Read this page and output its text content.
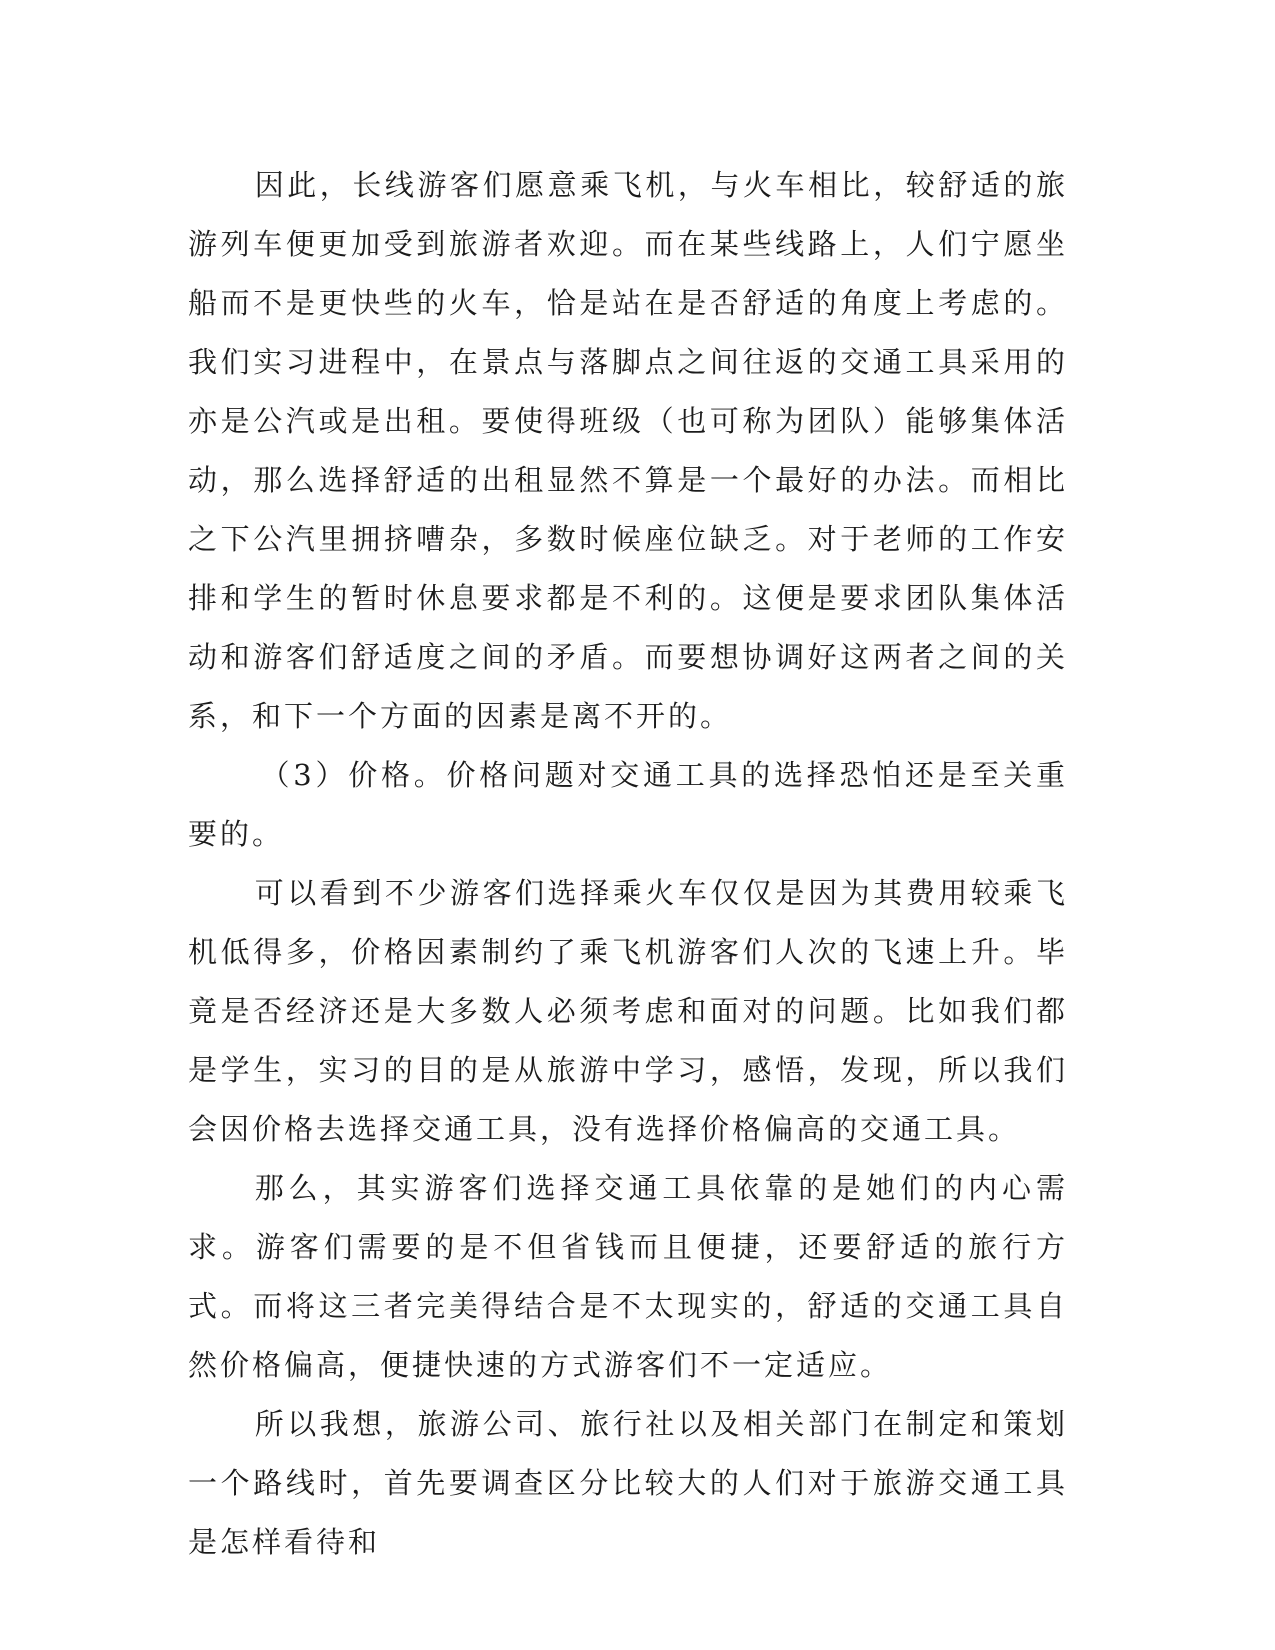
因此，长线游客们愿意乘飞机，与火车相比，较舒适的旅游列车便更加受到旅游者欢迎。而在某些线路上，人们宁愿坐船而不是更快些的火车，恰是站在是否舒适的角度上考虑的。我们实习进程中，在景点与落脚点之间往返的交通工具采用的亦是公汽或是出租。要使得班级（也可称为团队）能够集体活动，那么选择舒适的出租显然不算是一个最好的办法。而相比之下公汽里拥挤嘈杂，多数时候座位缺乏。对于老师的工作安排和学生的暂时休息要求都是不利的。这便是要求团队集体活动和游客们舒适度之间的矛盾。而要想协调好这两者之间的关系，和下一个方面的因素是离不开的。

（3）价格。价格问题对交通工具的选择恐怕还是至关重要的。

可以看到不少游客们选择乘火车仅仅是因为其费用较乘飞机低得多，价格因素制约了乘飞机游客们人次的飞速上升。毕竟是否经济还是大多数人必须考虑和面对的问题。比如我们都是学生，实习的目的是从旅游中学习，感悟，发现，所以我们会因价格去选择交通工具，没有选择价格偏高的交通工具。

那么，其实游客们选择交通工具依靠的是她们的内心需求。游客们需要的是不但省钱而且便捷，还要舒适的旅行方式。而将这三者完美得结合是不太现实的，舒适的交通工具自然价格偏高，便捷快速的方式游客们不一定适应。

所以我想，旅游公司、旅行社以及相关部门在制定和策划一个路线时，首先要调查区分比较大的人们对于旅游交通工具是怎样看待和
